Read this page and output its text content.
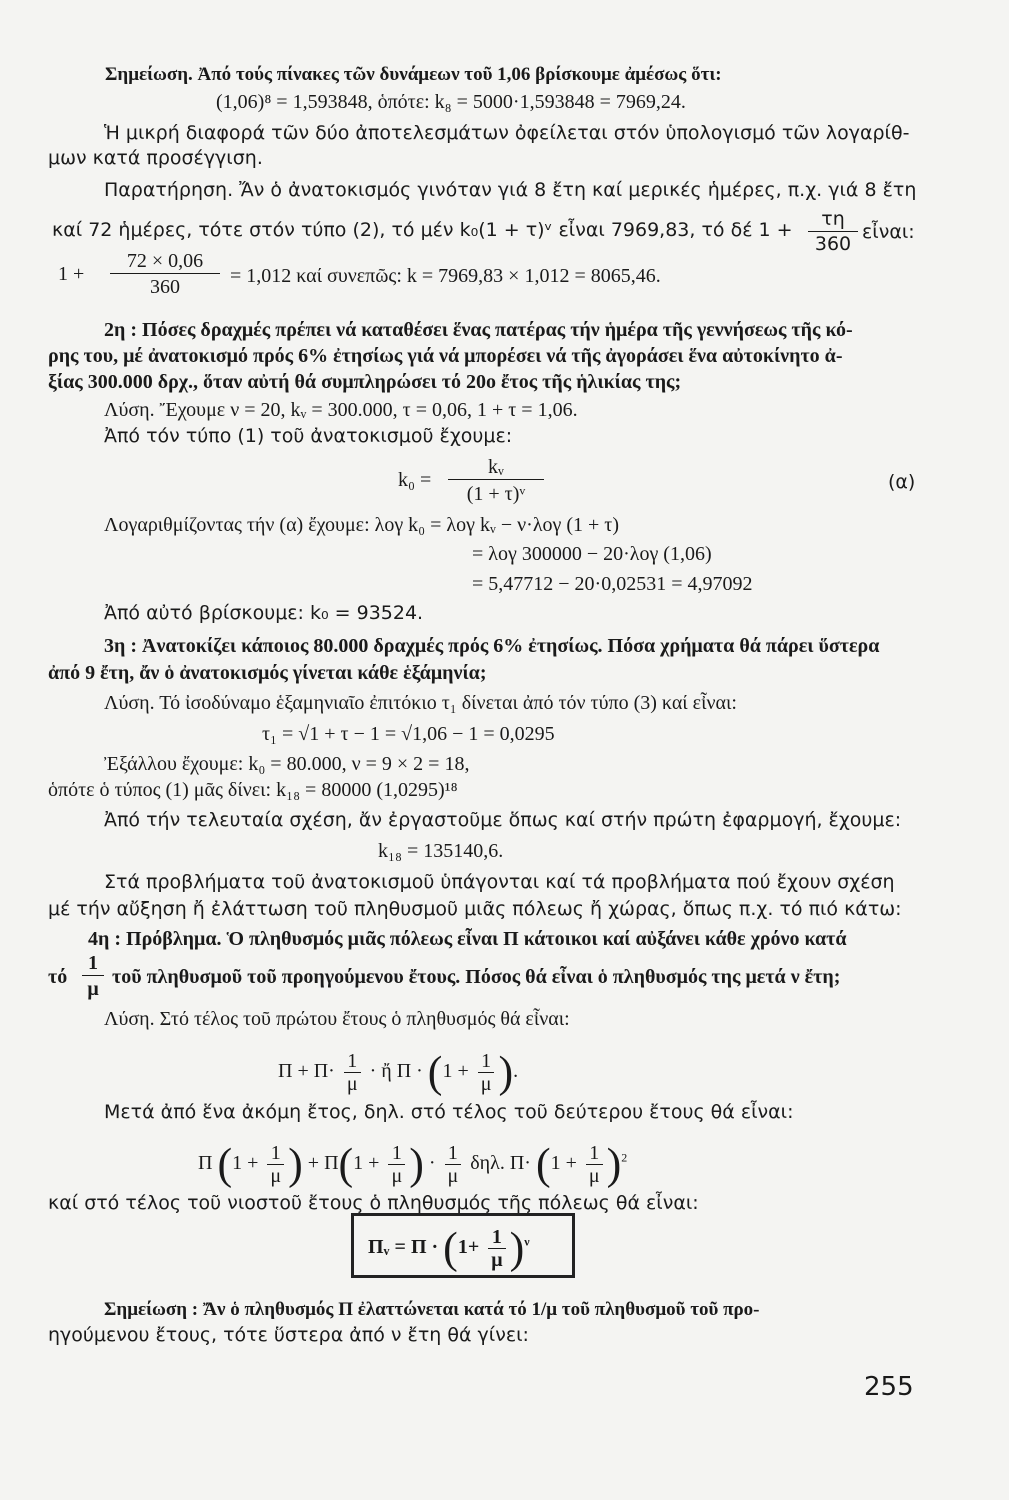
Σημείωση. Ἀπό τούς πίνακες τῶν δυνάμεων τοῦ 1,06 βρίσκουμε ἀμέσως ὅτι:
(1,06)⁸ = 1,593848, ὁπότε: k₈ = 5000·1,593848 = 7969,24.
Ἡ μικρή διαφορά τῶν δύο ἀποτελεσμάτων ὀφείλεται στόν ὑπολογισμό τῶν λογαρίθ-
μων κατά προσέγγιση.
Παρατήρηση. Ἄν ὁ ἀνατοκισμός γινόταν γιά 8 ἔτη καί μερικές ἡμέρες, π.χ. γιά 8 ἔτη
καί 72 ἡμέρες, τότε στόν τύπο (2), τό μέν k₀(1 + τ)ᵛ εἶναι 7969,83, τό δέ 1 +	τη
360
εἶναι:
1 +
72 × 0,06
360	= 1,012 καί συνεπῶς: k = 7969,83 × 1,012 = 8065,46.
2η : Πόσες δραχμές πρέπει νά καταθέσει ἕνας πατέρας τήν ἡμέρα τῆς γεννήσεως τῆς κό-
ρης του, μέ ἀνατοκισμό πρός 6% ἐτησίως γιά νά μπορέσει νά τῆς ἀγοράσει ἕνα αὐτοκίνητο ἀ-
ξίας 300.000 δρχ., ὅταν αὐτή θά συμπληρώσει τό 20ο ἔτος τῆς ἡλικίας της;
Λύση. Ἔχουμε ν = 20, kᵥ = 300.000, τ = 0,06, 1 + τ = 1,06.
Ἀπό τόν τύπο (1) τοῦ ἀνατοκισμοῦ ἔχουμε:
k₀ =
kᵥ
(1 + τ)ᵛ
(α)
Λογαριθμίζοντας τήν (α) ἔχουμε: λογ k₀ = λογ kᵥ − ν·λογ (1 + τ)
= λογ 300000 − 20·λογ (1,06)
= 5,47712 − 20·0,02531 = 4,97092
Ἀπό αὐτό βρίσκουμε: k₀ = 93524.
3η : Ἀνατοκίζει κάποιος 80.000 δραχμές πρός 6% ἐτησίως. Πόσα χρήματα θά πάρει ὕστερα
ἀπό 9 ἔτη, ἄν ὁ ἀνατοκισμός γίνεται κάθε ἑξάμηνία;
Λύση. Τό ἰσοδύναμο ἑξαμηνιαῖο ἐπιτόκιο τ₁ δίνεται ἀπό τόν τύπο (3) καί εἶναι:
τ₁ = √1 + τ − 1 = √1,06 − 1 = 0,0295
Ἐξάλλου ἔχουμε: k₀ = 80.000, ν = 9 × 2 = 18,
ὁπότε ὁ τύπος (1) μᾶς δίνει: k₁₈ = 80000 (1,0295)¹⁸
Ἀπό τήν τελευταία σχέση, ἄν ἐργαστοῦμε ὅπως καί στήν πρώτη ἐφαρμογή, ἔχουμε:
k₁₈ = 135140,6.
Στά προβλήματα τοῦ ἀνατοκισμοῦ ὑπάγονται καί τά προβλήματα πού ἔχουν σχέση
μέ τήν αὔξηση ἤ ἐλάττωση τοῦ πληθυσμοῦ μιᾶς πόλεως ἤ χώρας, ὅπως π.χ. τό πιό κάτω:
4η : Πρόβλημα. Ὁ πληθυσμός μιᾶς πόλεως εἶναι Π κάτοικοι καί αὐξάνει κάθε χρόνο κατά
τό
1
μ
τοῦ πληθυσμοῦ τοῦ προηγούμενου ἔτους. Πόσος θά εἶναι ὁ πληθυσμός της μετά ν ἔτη;
Λύση. Στό τέλος τοῦ πρώτου ἔτους ὁ πληθυσμός θά εἶναι:
$\Pi + \Pi\cdot \frac{1}{\mu}$ · ἤ $\Pi \cdot (1 + \frac{1}{\mu}$ ).
Μετά ἀπό ἕνα ἀκόμη ἔτος, δηλ. στό τέλος τοῦ δεύτερου ἔτους θά εἶναι:
Π ($1 + \frac{1}{\mu}$ ) + $\Pi(1 + \frac{1}{\mu}$ ) · $\frac{1}{\mu} \delta\eta\lambda$. $\Pi\cdot (1 + \frac{1}{\mu} )^2$
καί στό τέλος τοῦ νιοστοῦ ἔτους ὁ πληθυσμός τῆς πόλεως θά εἶναι:
Πᵥ = $\Pi \cdot (1+ \frac{1}{\mu} )^\nu$
Σημείωση : Ἄν ὁ πληθυσμός Π ἐλαττώνεται κατά τό 1/μ τοῦ πληθυσμοῦ τοῦ προ-
ηγούμενου ἔτους, τότε ὕστερα ἀπό ν ἔτη θά γίνει:
255
